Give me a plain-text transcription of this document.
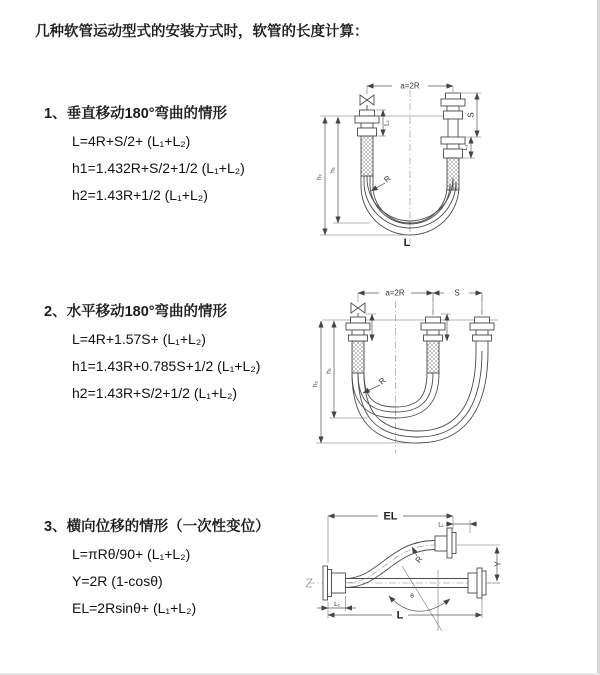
几种软管运动型式的安装方式时，软管的长度计算：
1、垂直移动180°弯曲的情形
L=4R+S/2+ (L₁+L₂)
h1=1.432R+S/2+1/2 (L₁+L₂)
h2=1.43R+1/2 (L₁+L₂)
2、水平移动180°弯曲的情形
L=4R+1.57S+ (L₁+L₂)
h1=1.43R+0.785S+1/2 (L₁+L₂)
h2=1.43R+S/2+1/2 (L₁+L₂)
3、横向位移的情形（一次性变位）
L=πRθ/90+ (L₁+L₂)
Y=2R (1-cosθ)
EL=2Rsinθ+ (L₁+L₂)
a=2R
S
L₁
L₁
h₁
h₂	R
L
a=2R	S
h₁
h₂	R
EL
L₁
Y
R
θ
L
L₁
